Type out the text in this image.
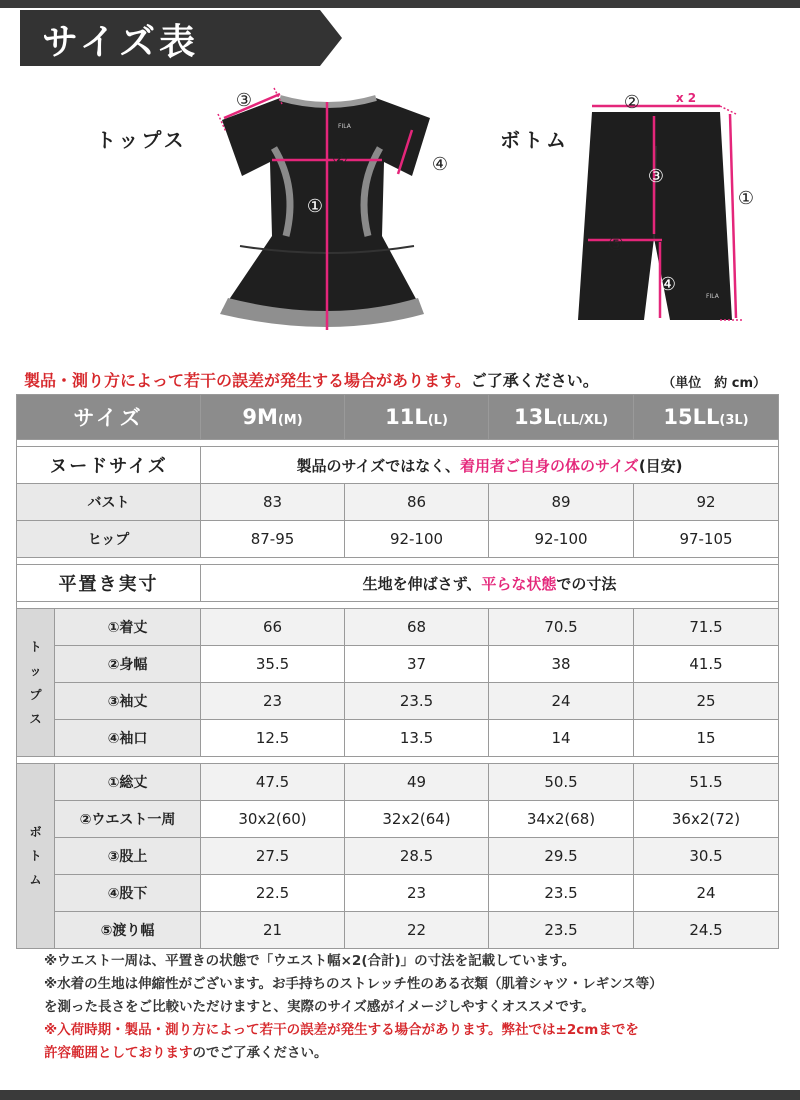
サイズ表
トップス
FILA
②
①
③
④
ボトム
FILA
②
①
⑤
x 2
③
④
製品・測り方によって若干の誤差が発生する場合があります。ご了承ください。	（単位　約 cm）
サイズ		9M(M)	11L(L)	13L(LL/XL)	15LL(3L)

ヌードサイズ		製品のサイズではなく、着用者ご自身の体のサイズ(目安)			
バスト		83	86	89	92
ヒップ		87-95	92-100	92-100	97-105

平置き実寸		生地を伸ばさず、平らな状態での寸法			

ト
ッ
プ
ス	①着丈	66	68	70.5	71.5
	②身幅	35.5	37	38	41.5
	③袖丈	23	23.5	24	25
	④袖口	12.5	13.5	14	15

ボ
ト
ム	①総丈	47.5	49	50.5	51.5
	②ウエスト一周	30x2(60)	32x2(64)	34x2(68)	36x2(72)
	③股上	27.5	28.5	29.5	30.5
	④股下	22.5	23	23.5	24
	⑤渡り幅	21	22	23.5	24.5
※ウエスト一周は、平置きの状態で「ウエスト幅×2(合計)」の寸法を記載しています。
※水着の生地は伸縮性がございます。お手持ちのストレッチ性のある衣類（肌着シャツ・レギンス等）
を測った長さをご比較いただけますと、実際のサイズ感がイメージしやすくオススメです。
※入荷時期・製品・測り方によって若干の誤差が発生する場合があります。弊社では±2cmまでを
許容範囲としておりますのでご了承ください。
